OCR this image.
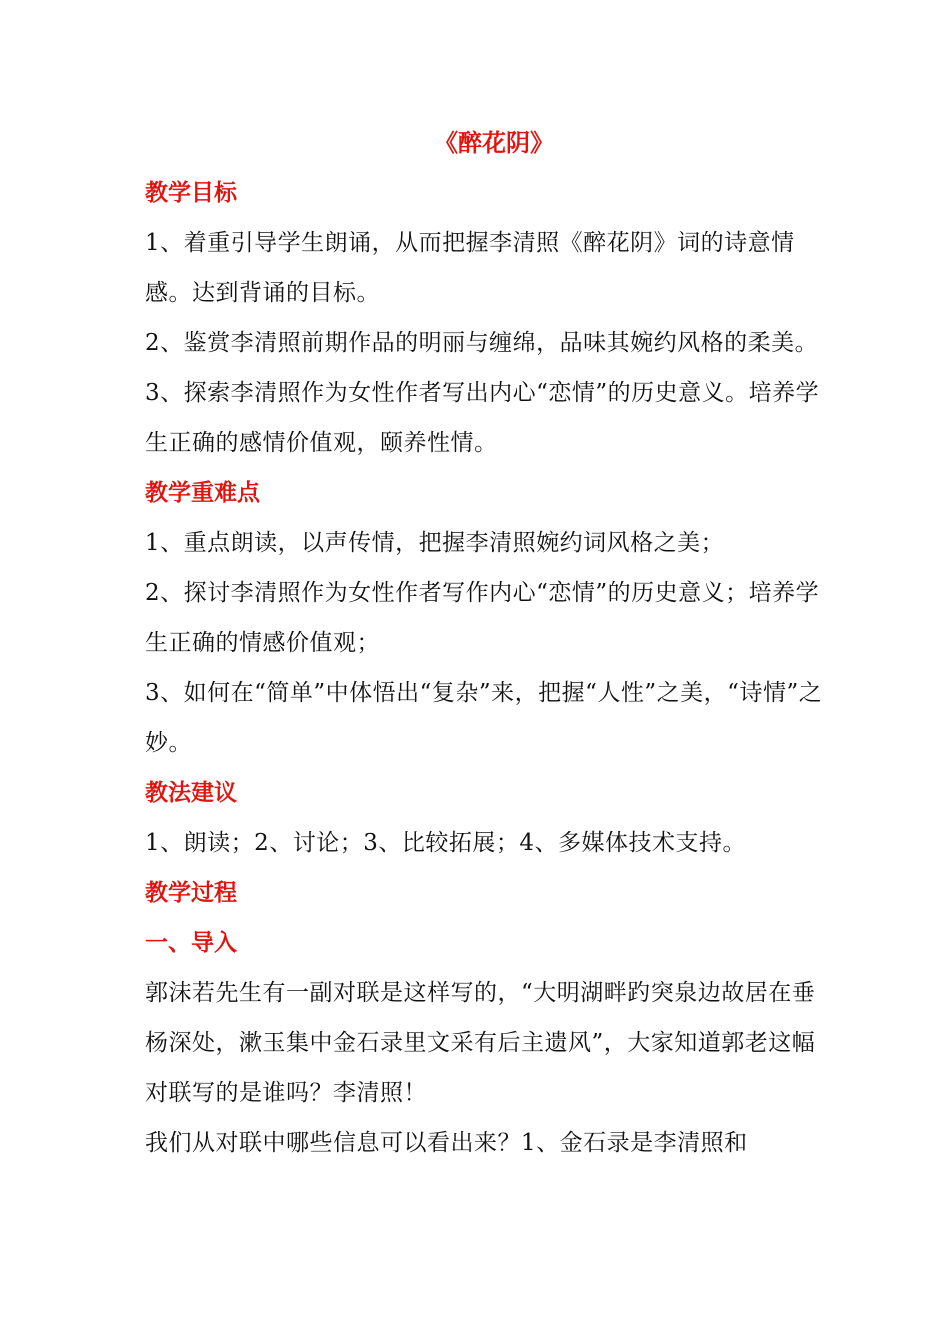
《醉花阴》
教学目标

1、着重引导学生朗诵，从而把握李清照《醉花阴》词的诗意情感。达到背诵的目标。

2、鉴赏李清照前期作品的明丽与缠绵，品味其婉约风格的柔美。

3、探索李清照作为女性作者写出内心“恋情”的历史意义。培养学生正确的感情价值观，颐养性情。

教学重难点

1、重点朗读，以声传情，把握李清照婉约词风格之美；

2、探讨李清照作为女性作者写作内心“恋情”的历史意义；培养学生正确的情感价值观；

3、如何在“简单”中体悟出“复杂”来，把握“人性”之美，“诗情”之妙。

教法建议

1、朗读；2、讨论；3、比较拓展；4、多媒体技术支持。

教学过程
一、导入

郭沫若先生有一副对联是这样写的，“大明湖畔趵突泉边故居在垂杨深处，漱玉集中金石录里文采有后主遗风”，大家知道郭老这幅对联写的是谁吗？李清照！

我们从对联中哪些信息可以看出来？1、金石录是李清照和
